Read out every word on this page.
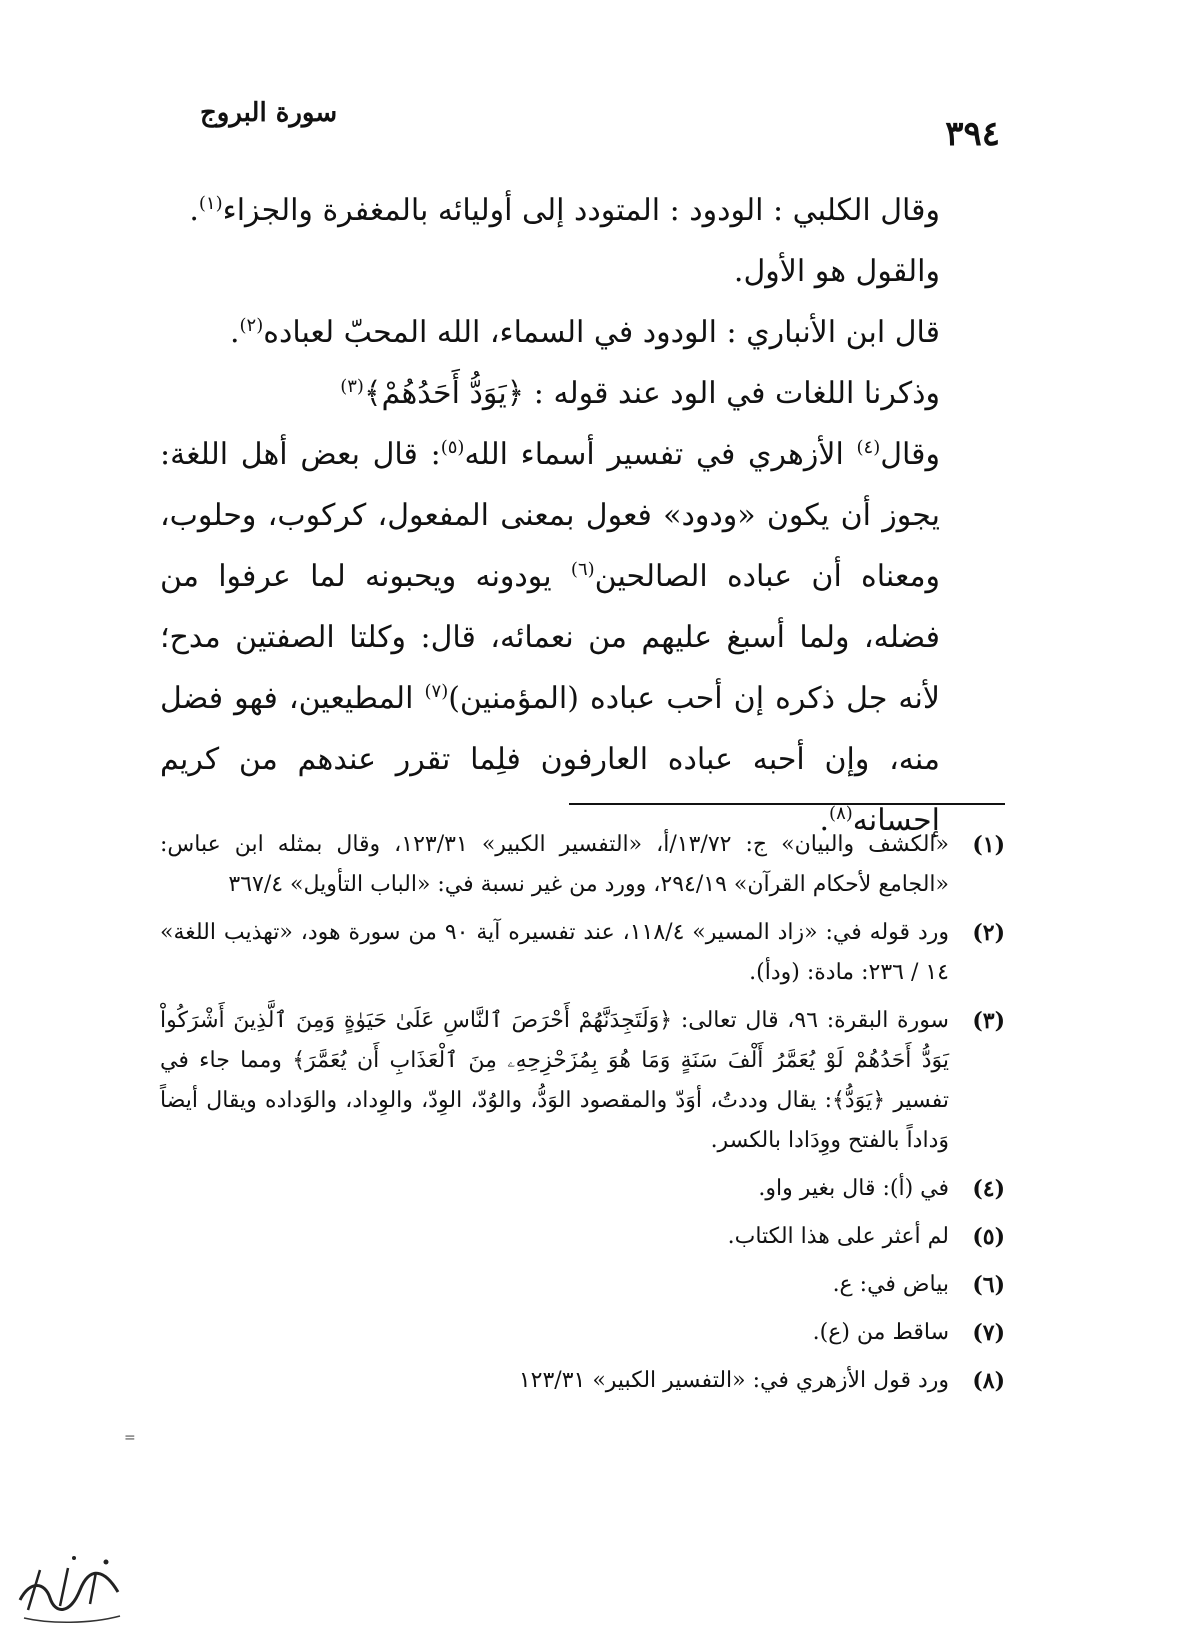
٣٩٤
سورة البروج

وقال الكلبي : الودود : المتودد إلى أوليائه بالمغفرة والجزاء$^{(١)}$.

والقول هو الأول.

قال ابن الأنباري : الودود في السماء، الله المحبّ لعباده$^{(٢)}$.

وذكرنا اللغات في الود عند قوله : ﴿يَوَدُّ أَحَدُهُمْ﴾$^{(٣)}$

وقال$^{(٤)}$ الأزهري في تفسير أسماء الله$^{(٥)}$: قال بعض أهل اللغة: يجوز أن يكون «ودود» فعول بمعنى المفعول، كركوب، وحلوب، ومعناه أن عباده الصالحين$^{(٦)}$ يودونه ويحبونه لما عرفوا من فضله، ولما أسبغ عليهم من نعمائه، قال: وكلتا الصفتين مدح؛ لأنه جل ذكره إن أحب عباده (المؤمنين)$^{(٧)}$ المطيعين، فهو فضل منه، وإن أحبه عباده العارفون فلِما تقرر عندهم من كريم إحسانه$^{(٨)}$.

(١)
«الكشف والبيان» ج: ١٣/٧٢/أ، «التفسير الكبير» ١٢٣/٣١، وقال بمثله ابن عباس: «الجامع لأحكام القرآن» ٢٩٤/١٩، وورد من غير نسبة في: «الباب التأويل» ٣٦٧/٤
(٢)
ورد قوله في: «زاد المسير» ١١٨/٤، عند تفسيره آية ٩٠ من سورة هود، «تهذيب اللغة» ١٤ / ٢٣٦: مادة: (ودأ).
(٣)
سورة البقرة: ٩٦، قال تعالى: ﴿وَلَتَجِدَنَّهُمْ أَحْرَصَ ٱلنَّاسِ عَلَىٰ حَيَوٰةٍ وَمِنَ ٱلَّذِينَ أَشْرَكُواْ يَوَدُّ أَحَدُهُمْ لَوْ يُعَمَّرُ أَلْفَ سَنَةٍ وَمَا هُوَ بِمُزَحْزِحِهِۦ مِنَ ٱلْعَذَابِ أَن يُعَمَّرَ﴾ ومما جاء في تفسير ﴿يَوَدُّ﴾: يقال وددتُ، أوَدّ والمقصود الوَدُّ، والوُدّ، الوِدّ، والوِداد، والوَداده ويقال أيضاً وَداداً بالفتح ووِدَادا بالكسر.
(٤)
في (أ): قال بغير واو.
(٥)
لم أعثر على هذا الكتاب.
(٦)
بياض في: ع.
(٧)
ساقط من (ع).
(٨)
ورد قول الأزهري في: «التفسير الكبير» ١٢٣/٣١
=
